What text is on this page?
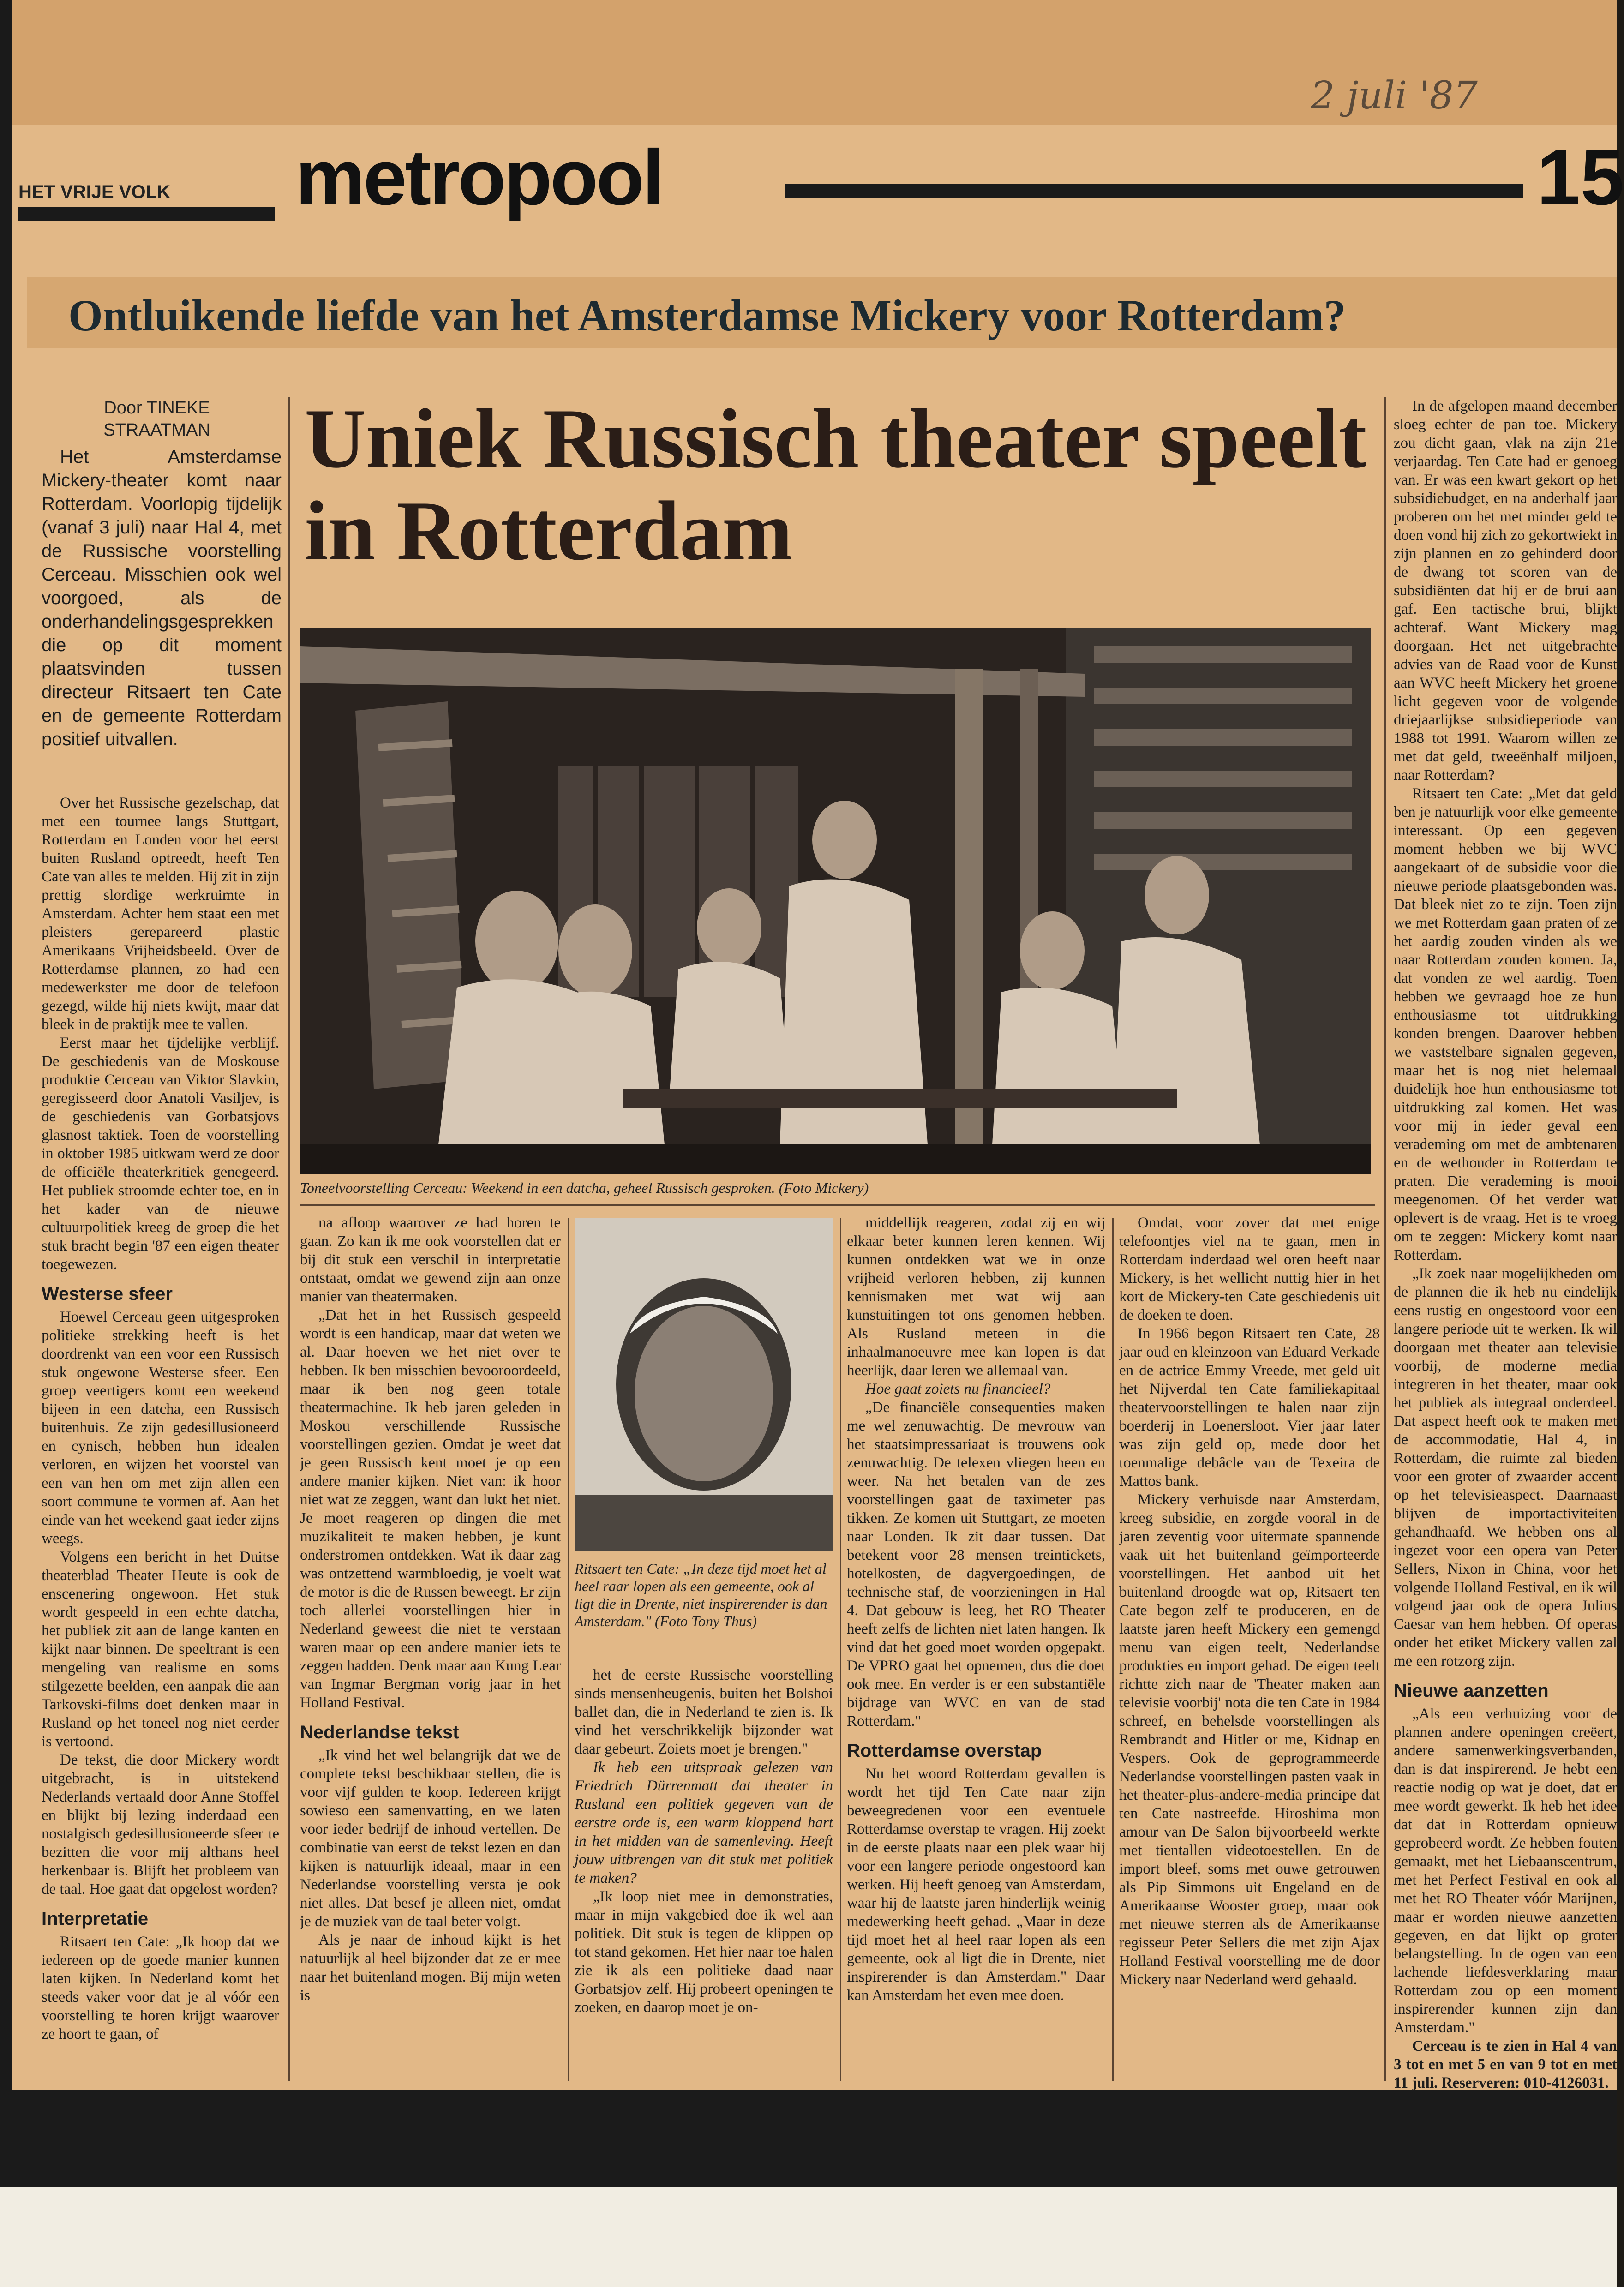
2 juli '87
HET VRIJE VOLK metropool	15
Ontluikende liefde van het Amsterdamse Mickery voor Rotterdam?
Door TINEKE
STRAATMAN

Het Amsterdamse Mickery-theater komt naar Rotterdam. Voorlopig tijdelijk (vanaf 3 juli) naar Hal 4, met de Russische voorstelling Cerceau. Misschien ook wel voorgoed, als de onderhandelingsgesprekken die op dit moment plaatsvinden tussen directeur Ritsaert ten Cate en de gemeente Rotterdam positief uitvallen.

Uniek Russisch theater speelt in Rotterdam
Toneelvoorstelling Cerceau: Weekend in een datcha, geheel Russisch gesproken. (Foto Mickery)

Over het Russische gezelschap, dat met een tournee langs Stuttgart, Rotterdam en Londen voor het eerst buiten Rusland optreedt, heeft Ten Cate van alles te melden. Hij zit in zijn prettig slordige werkruimte in Amsterdam. Achter hem staat een met pleisters gerepareerd plastic Amerikaans Vrijheidsbeeld. Over de Rotterdamse plannen, zo had een medewerkster me door de telefoon gezegd, wilde hij niets kwijt, maar dat bleek in de praktijk mee te vallen.

Eerst maar het tijdelijke verblijf. De geschiedenis van de Moskouse produktie Cerceau van Viktor Slavkin, geregisseerd door Anatoli Vasiljev, is de geschiedenis van Gorbatsjovs glasnost taktiek. Toen de voorstelling in oktober 1985 uitkwam werd ze door de officiële theaterkritiek genegeerd. Het publiek stroomde echter toe, en in het kader van de nieuwe cultuurpolitiek kreeg de groep die het stuk bracht begin '87 een eigen theater toegewezen.

Westerse sfeer

Hoewel Cerceau geen uitgesproken politieke strekking heeft is het doordrenkt van een voor een Russisch stuk ongewone Westerse sfeer. Een groep veertigers komt een weekend bijeen in een datcha, een Russisch buitenhuis. Ze zijn gedesillusioneerd en cynisch, hebben hun idealen verloren, en wijzen het voorstel van een van hen om met zijn allen een soort commune te vormen af. Aan het einde van het weekend gaat ieder zijns weegs.

Volgens een bericht in het Duitse theaterblad Theater Heute is ook de enscenering ongewoon. Het stuk wordt gespeeld in een echte datcha, het publiek zit aan de lange kanten en kijkt naar binnen. De speeltrant is een mengeling van realisme en soms stilgezette beelden, een aanpak die aan Tarkovski-films doet denken maar in Rusland op het toneel nog niet eerder is vertoond.

De tekst, die door Mickery wordt uitgebracht, is in uitstekend Nederlands vertaald door Anne Stoffel en blijkt bij lezing inderdaad een nostalgisch gedesillusioneerde sfeer te bezitten die voor mij althans heel herkenbaar is. Blijft het probleem van de taal. Hoe gaat dat opgelost worden?

Interpretatie

Ritsaert ten Cate: „Ik hoop dat we iedereen op de goede manier kunnen laten kijken. In Nederland komt het steeds vaker voor dat je al vóór een voorstelling te horen krijgt waarover ze hoort te gaan, of

na afloop waarover ze had horen te gaan. Zo kan ik me ook voorstellen dat er bij dit stuk een verschil in interpretatie ontstaat, omdat we gewend zijn aan onze manier van theatermaken.

„Dat het in het Russisch gespeeld wordt is een handicap, maar dat weten we al. Daar hoeven we het niet over te hebben. Ik ben misschien bevooroordeeld, maar ik ben nog geen totale theatermachine. Ik heb jaren geleden in Moskou verschillende Russische voorstellingen gezien. Omdat je weet dat je geen Russisch kent moet je op een andere manier kijken. Niet van: ik hoor niet wat ze zeggen, want dan lukt het niet. Je moet reageren op dingen die met muzikaliteit te maken hebben, je kunt onderstromen ontdekken. Wat ik daar zag was ontzettend warmbloedig, je voelt wat de motor is die de Russen beweegt. Er zijn toch allerlei voorstellingen hier in Nederland geweest die niet te verstaan waren maar op een andere manier iets te zeggen hadden. Denk maar aan Kung Lear van Ingmar Bergman vorig jaar in het Holland Festival.

Nederlandse tekst

„Ik vind het wel belangrijk dat we de complete tekst beschikbaar stellen, die is voor vijf gulden te koop. Iedereen krijgt sowieso een samenvatting, en we laten voor ieder bedrijf de inhoud vertellen. De combinatie van eerst de tekst lezen en dan kijken is natuurlijk ideaal, maar in een Nederlandse voorstelling versta je ook niet alles. Dat besef je alleen niet, omdat je de muziek van de taal beter volgt.

Als je naar de inhoud kijkt is het natuurlijk al heel bijzonder dat ze er mee naar het buitenland mogen. Bij mijn weten is

Ritsaert ten Cate: „In deze tijd moet het al heel raar lopen als een gemeente, ook al ligt die in Drente, niet inspirerender is dan Amsterdam." (Foto Tony Thus)

het de eerste Russische voorstelling sinds mensenheugenis, buiten het Bolshoi ballet dan, die in Nederland te zien is. Ik vind het verschrikkelijk bijzonder wat daar gebeurt. Zoiets moet je brengen."

Ik heb een uitspraak gelezen van Friedrich Dürrenmatt dat theater in Rusland een politiek gegeven van de eerstre orde is, een warm kloppend hart in het midden van de samenleving. Heeft jouw uitbrengen van dit stuk met politiek te maken?

„Ik loop niet mee in demonstraties, maar in mijn vakgebied doe ik wel aan politiek. Dit stuk is tegen de klippen op tot stand gekomen. Het hier naar toe halen zie ik als een politieke daad naar Gorbatsjov zelf. Hij probeert openingen te zoeken, en daarop moet je on-

middellijk reageren, zodat zij en wij elkaar beter kunnen leren kennen. Wij kunnen ontdekken wat we in onze vrijheid verloren hebben, zij kunnen kennismaken met wat wij aan kunstuitingen tot ons genomen hebben. Als Rusland meteen in die inhaalmanoeuvre mee kan lopen is dat heerlijk, daar leren we allemaal van.

Hoe gaat zoiets nu financieel?

„De financiële consequenties maken me wel zenuwachtig. De mevrouw van het staatsimpressariaat is trouwens ook zenuwachtig. De telexen vliegen heen en weer. Na het betalen van de zes voorstellingen gaat de taximeter pas tikken. Ze komen uit Stuttgart, ze moeten naar Londen. Ik zit daar tussen. Dat betekent voor 28 mensen treintickets, hotelkosten, de dagvergoedingen, de technische staf, de voorzieningen in Hal 4. Dat gebouw is leeg, het RO Theater heeft zelfs de lichten niet laten hangen. Ik vind dat het goed moet worden opgepakt. De VPRO gaat het opnemen, dus die doet ook mee. En verder is er een substantiële bijdrage van WVC en van de stad Rotterdam."

Rotterdamse overstap

Nu het woord Rotterdam gevallen is wordt het tijd Ten Cate naar zijn beweegredenen voor een eventuele Rotterdamse overstap te vragen. Hij zoekt in de eerste plaats naar een plek waar hij voor een langere periode ongestoord kan werken. Hij heeft genoeg van Amsterdam, waar hij de laatste jaren hinderlijk weinig medewerking heeft gehad. „Maar in deze tijd moet het al heel raar lopen als een gemeente, ook al ligt die in Drente, niet inspirerender is dan Amsterdam." Daar kan Amsterdam het even mee doen.

Omdat, voor zover dat met enige telefoontjes viel na te gaan, men in Rotterdam inderdaad wel oren heeft naar Mickery, is het wellicht nuttig hier in het kort de Mickery-ten Cate geschiedenis uit de doeken te doen.

In 1966 begon Ritsaert ten Cate, 28 jaar oud en kleinzoon van Eduard Verkade en de actrice Emmy Vreede, met geld uit het Nijverdal ten Cate familiekapitaal theatervoorstellingen te halen naar zijn boerderij in Loenersloot. Vier jaar later was zijn geld op, mede door het toenmalige debâcle van de Texeira de Mattos bank.

Mickery verhuisde naar Amsterdam, kreeg subsidie, en zorgde vooral in de jaren zeventig voor uitermate spannende vaak uit het buitenland geïmporteerde voorstellingen. Het aanbod uit het buitenland droogde wat op, Ritsaert ten Cate begon zelf te produceren, en de laatste jaren heeft Mickery een gemengd menu van eigen teelt, Nederlandse produkties en import gehad. De eigen teelt richtte zich naar de 'Theater maken aan televisie voorbij' nota die ten Cate in 1984 schreef, en behelsde voorstellingen als Rembrandt and Hitler or me, Kidnap en Vespers. Ook de geprogrammeerde Nederlandse voorstellingen pasten vaak in het theater-plus-andere-media principe dat ten Cate nastreefde. Hiroshima mon amour van De Salon bijvoorbeeld werkte met tientallen videotoestellen. En de import bleef, soms met ouwe getrouwen als Pip Simmons uit Engeland en de Amerikaanse Wooster groep, maar ook met nieuwe sterren als de Amerikaanse regisseur Peter Sellers die met zijn Ajax Holland Festival voorstelling me de door Mickery naar Nederland werd gehaald.

In de afgelopen maand december sloeg echter de pan toe. Mickery zou dicht gaan, vlak na zijn 21e verjaardag. Ten Cate had er genoeg van. Er was een kwart gekort op het subsidiebudget, en na anderhalf jaar proberen om het met minder geld te doen vond hij zich zo gekortwiekt in zijn plannen en zo gehinderd door de dwang tot scoren van de subsidiënten dat hij er de brui aan gaf. Een tactische brui, blijkt achteraf. Want Mickery mag doorgaan. Het net uitgebrachte advies van de Raad voor de Kunst aan WVC heeft Mickery het groene licht gegeven voor de volgende driejaarlijkse subsidieperiode van 1988 tot 1991. Waarom willen ze met dat geld, tweeënhalf miljoen, naar Rotterdam?

Ritsaert ten Cate: „Met dat geld ben je natuurlijk voor elke gemeente interessant. Op een gegeven moment hebben we bij WVC aangekaart of de subsidie voor die nieuwe periode plaatsgebonden was. Dat bleek niet zo te zijn. Toen zijn we met Rotterdam gaan praten of ze het aardig zouden vinden als we naar Rotterdam zouden komen. Ja, dat vonden ze wel aardig. Toen hebben we gevraagd hoe ze hun enthousiasme tot uitdrukking konden brengen. Daarover hebben we vaststelbare signalen gegeven, maar het is nog niet helemaal duidelijk hoe hun enthousiasme tot uitdrukking zal komen. Het was voor mij in ieder geval een verademing om met de ambtenaren en de wethouder in Rotterdam te praten. Die verademing is mooi meegenomen. Of het verder wat oplevert is de vraag. Het is te vroeg om te zeggen: Mickery komt naar Rotterdam.

„Ik zoek naar mogelijkheden om de plannen die ik heb nu eindelijk eens rustig en ongestoord voor een langere periode uit te werken. Ik wil doorgaan met theater aan televisie voorbij, de moderne media integreren in het theater, maar ook het publiek als integraal onderdeel. Dat aspect heeft ook te maken met de accommodatie, Hal 4, in Rotterdam, die ruimte zal bieden voor een groter of zwaarder accent op het televisieaspect. Daarnaast blijven de importactiviteiten gehandhaafd. We hebben ons al ingezet voor een opera van Peter Sellers, Nixon in China, voor het volgende Holland Festival, en ik wil volgend jaar ook de opera Julius Caesar van hem hebben. Of operas onder het etiket Mickery vallen zal me een rotzorg zijn.

Nieuwe aanzetten

„Als een verhuizing voor de plannen andere openingen creëert, andere samenwerkingsverbanden, dan is dat inspirerend. Je hebt een reactie nodig op wat je doet, dat er mee wordt gewerkt. Ik heb het idee dat dat in Rotterdam opnieuw geprobeerd wordt. Ze hebben fouten gemaakt, met het Liebaanscentrum, met het Perfect Festival en ook al met het RO Theater vóór Marijnen, maar er worden nieuwe aanzetten gegeven, en dat lijkt op groter belangstelling. In de ogen van een lachende liefdesverklaring maar Rotterdam zou op een moment inspirerender kunnen zijn dan Amsterdam."

Cerceau is te zien in Hal 4 van 3 tot en met 5 en van 9 tot en met 11 juli. Reserveren: 010-4126031.
